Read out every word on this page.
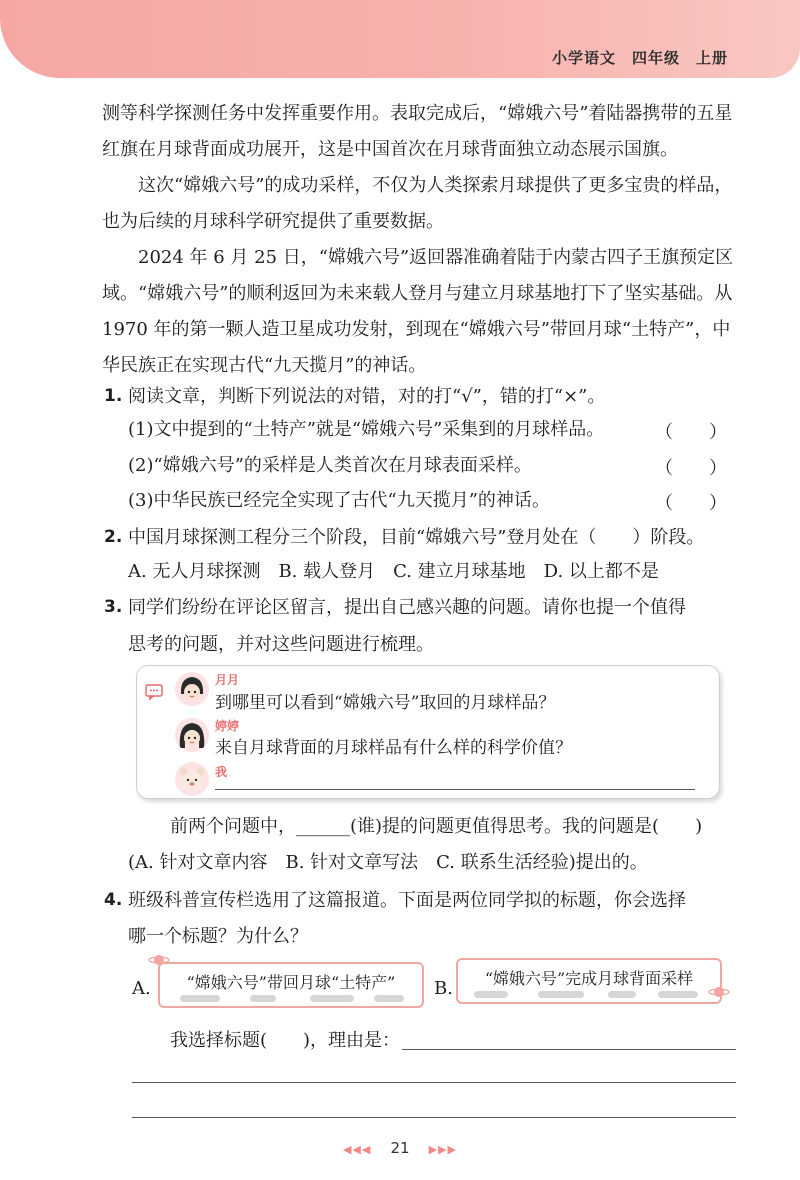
小学语文　四年级　上册

测等科学探测任务中发挥重要作用。表取完成后，“嫦娥六号”着陆器携带的五星红旗在月球背面成功展开，这是中国首次在月球背面独立动态展示国旗。

这次“嫦娥六号”的成功采样，不仅为人类探索月球提供了更多宝贵的样品，也为后续的月球科学研究提供了重要数据。

2024 年 6 月 25 日，“嫦娥六号”返回器准确着陆于内蒙古四子王旗预定区域。“嫦娥六号”的顺利返回为未来载人登月与建立月球基地打下了坚实基础。从 1970 年的第一颗人造卫星成功发射，到现在“嫦娥六号”带回月球“土特产”，中华民族正在实现古代“九天揽月”的神话。

1. 阅读文章，判断下列说法的对错，对的打“√”，错的打“×”。
(1)文中提到的“土特产”就是“嫦娥六号”采集到的月球样品。	（　　）
(2)“嫦娥六号”的采样是人类首次在月球表面采样。	（　　）
(3)中华民族已经完全实现了古代“九天揽月”的神话。	（　　）
2. 中国月球探测工程分三个阶段，目前“嫦娥六号”登月处在（　　）阶段。
A. 无人月球探测　B. 载人登月　C. 建立月球基地　D. 以上都不是
3. 同学们纷纷在评论区留言，提出自己感兴趣的问题。请你也提一个值得
思考的问题，并对这些问题进行梳理。
月月
到哪里可以看到“嫦娥六号”取回的月球样品？
婷婷
来自月球背面的月球样品有什么样的科学价值？
我
前两个问题中，______(谁)提的问题更值得思考。我的问题是(　　)
(A. 针对文章内容　B. 针对文章写法　C. 联系生活经验)提出的。
4. 班级科普宣传栏选用了这篇报道。下面是两位同学拟的标题，你会选择
哪一个标题？为什么？
A.	“嫦娥六号”带回月球“土特产”	B.	“嫦娥六号”完成月球背面采样
我选择标题(　　)，理由是：
◀◀◀ 21 ▶▶▶
